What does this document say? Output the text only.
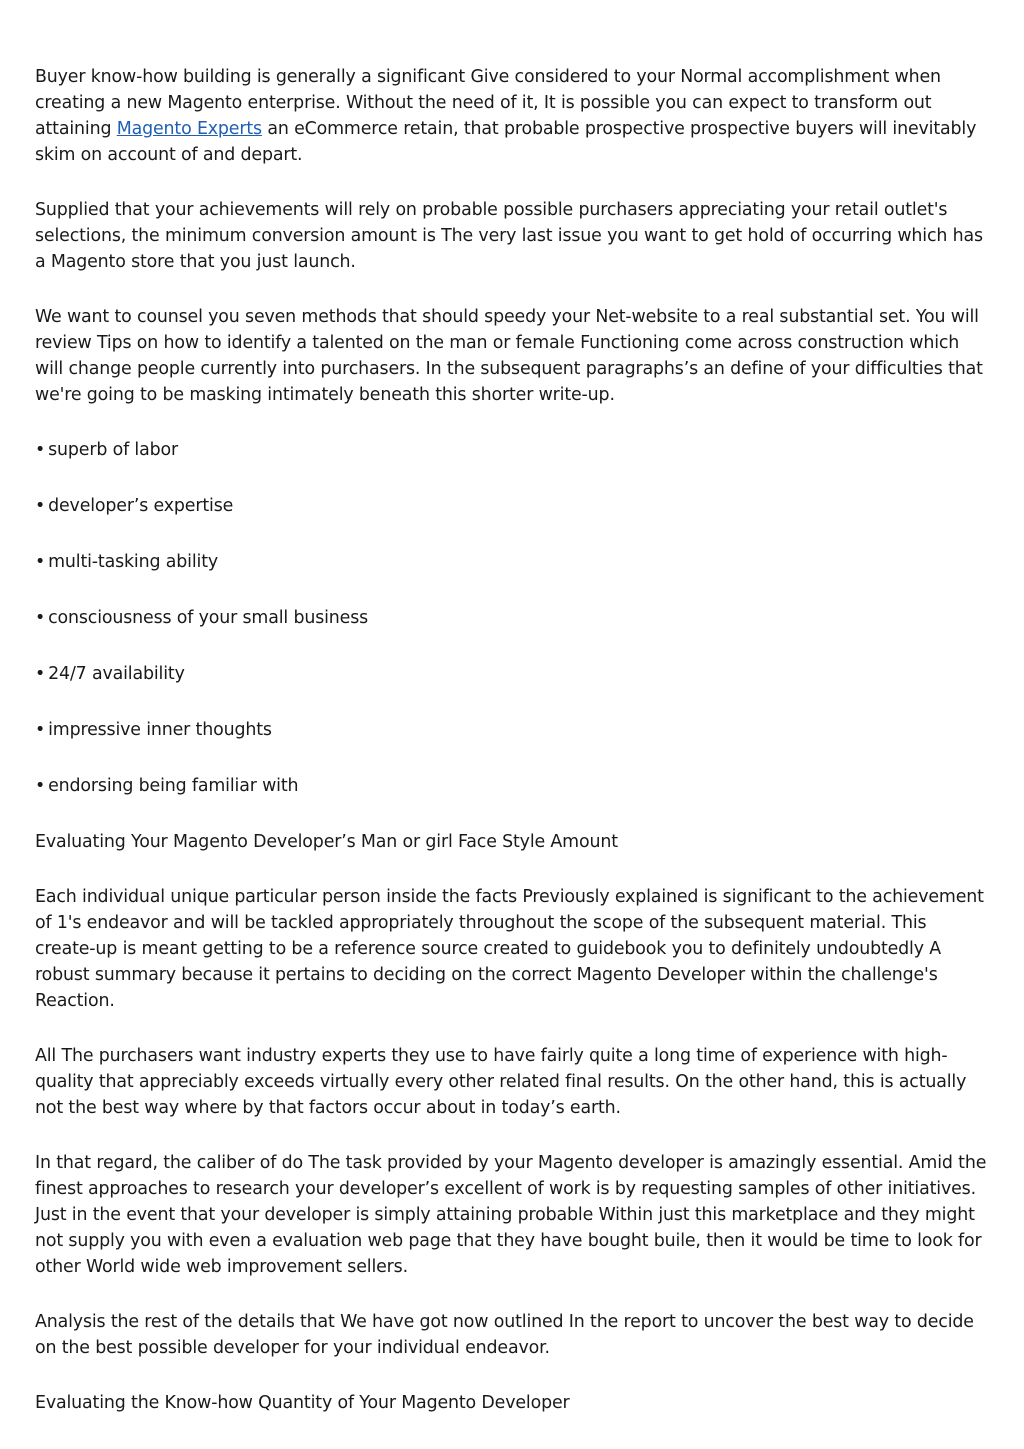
Buyer know-how building is generally a significant Give considered to your Normal accomplishment when creating a new Magento enterprise. Without the need of it, It is possible you can expect to transform out attaining Magento Experts an eCommerce retain, that probable prospective prospective buyers will inevitably skim on account of and depart.

Supplied that your achievements will rely on probable possible purchasers appreciating your retail outlet's selections, the minimum conversion amount is The very last issue you want to get hold of occurring which has a Magento store that you just launch.

We want to counsel you seven methods that should speedy your Net-website to a real substantial set. You will review Tips on how to identify a talented on the man or female Functioning come across construction which will change people currently into purchasers. In the subsequent paragraphs’s an define of your difficulties that we're going to be masking intimately beneath this shorter write-up.

• superb of labor

• developer’s expertise

• multi-tasking ability

• consciousness of your small business

• 24/7 availability

• impressive inner thoughts

• endorsing being familiar with

Evaluating Your Magento Developer’s Man or girl Face Style Amount

Each individual unique particular person inside the facts Previously explained is significant to the achievement of 1's endeavor and will be tackled appropriately throughout the scope of the subsequent material. This create-up is meant getting to be a reference source created to guidebook you to definitely undoubtedly A robust summary because it pertains to deciding on the correct Magento Developer within the challenge's Reaction.

All The purchasers want industry experts they use to have fairly quite a long time of experience with high-quality that appreciably exceeds virtually every other related final results. On the other hand, this is actually not the best way where by that factors occur about in today’s earth.

In that regard, the caliber of do The task provided by your Magento developer is amazingly essential. Amid the finest approaches to research your developer’s excellent of work is by requesting samples of other initiatives. Just in the event that your developer is simply attaining probable Within just this marketplace and they might not supply you with even a evaluation web page that they have bought buile, then it would be time to look for other World wide web improvement sellers.

Analysis the rest of the details that We have got now outlined In the report to uncover the best way to decide on the best possible developer for your individual endeavor.

Evaluating the Know-how Quantity of Your Magento Developer
